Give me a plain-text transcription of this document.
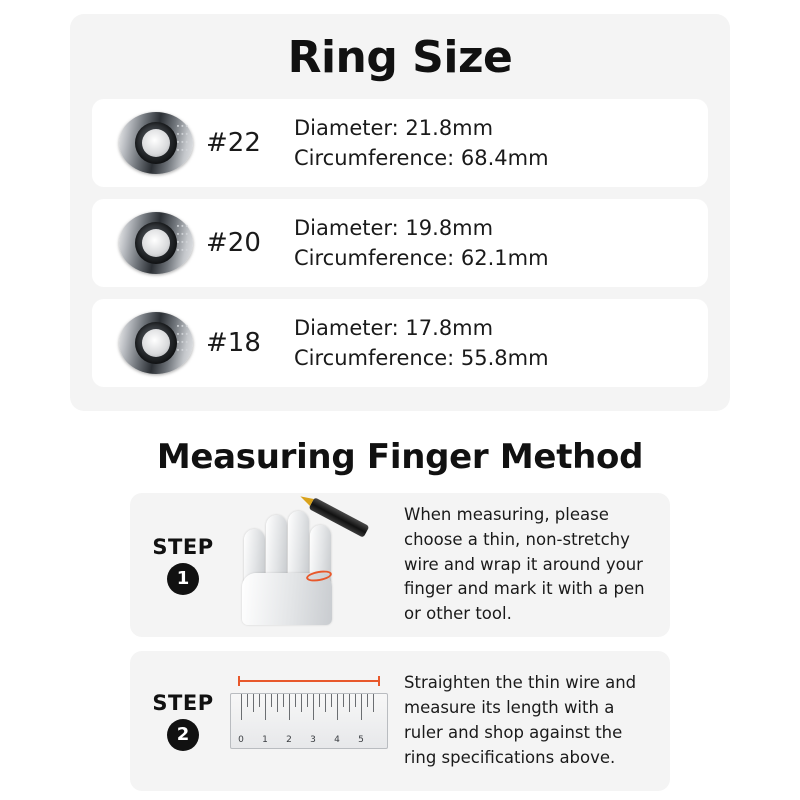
Ring Size
∙∙∙
∙∙∙
∙∙∙
∙∙∙ #22
Diameter: 21.8mm
Circumference: 68.4mm
∙∙∙
∙∙∙
∙∙∙
∙∙∙ #20
Diameter: 19.8mm
Circumference: 62.1mm
∙∙∙
∙∙∙
∙∙∙
∙∙∙ #18
Diameter: 17.8mm
Circumference: 55.8mm
Measuring Finger Method
STEP
1
When measuring, please choose a thin, non-stretchy wire and wrap it around your finger and mark it with a pen or other tool.
STEP
2	0 1 2 3 4 5
Straighten the thin wire and measure its length with a ruler and shop against the ring specifications above.
